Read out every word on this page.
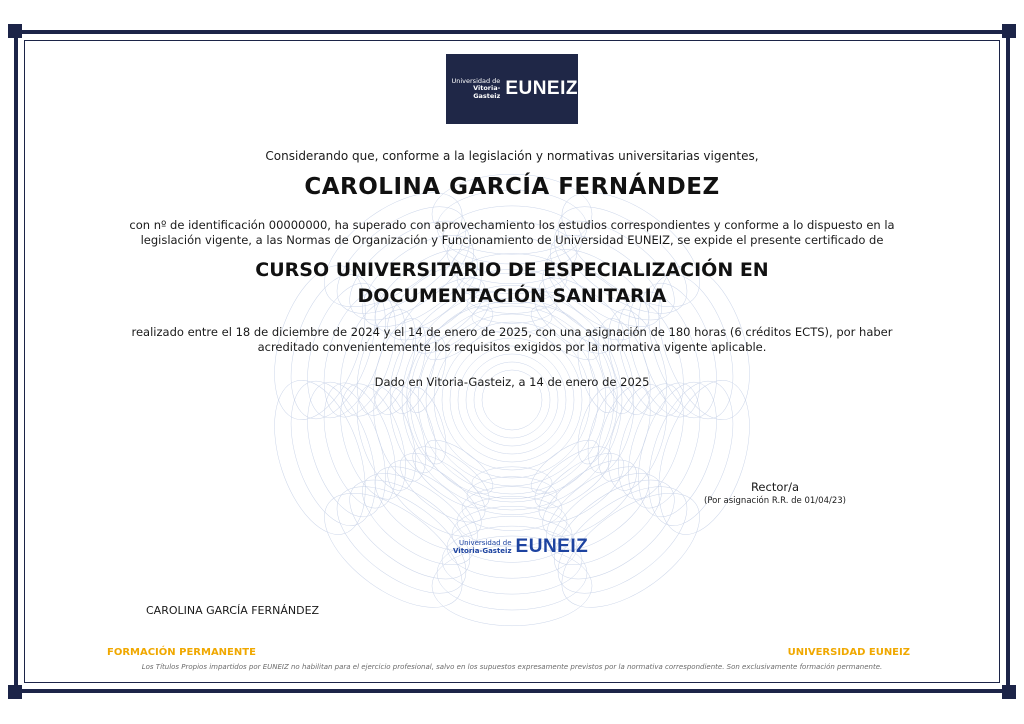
Universidad de
Vitoria-Gasteiz EUNEIZ
Considerando que, conforme a la legislación y normativas universitarias vigentes,
CAROLINA GARCÍA FERNÁNDEZ
con nº de identificación 00000000, ha superado con aprovechamiento los estudios correspondientes y conforme a lo dispuesto en la legislación vigente, a las Normas de Organización y Funcionamiento de Universidad EUNEIZ, se expide el presente certificado de
CURSO UNIVERSITARIO DE ESPECIALIZACIÓN EN
DOCUMENTACIÓN SANITARIA
realizado entre el 18 de diciembre de 2024 y el 14 de enero de 2025, con una asignación de 180 horas (6 créditos ECTS), por haber acreditado convenientemente los requisitos exigidos por la normativa vigente aplicable.
Dado en Vitoria-Gasteiz, a 14 de enero de 2025
Rector/a
(Por asignación R.R. de 01/04/23)
Universidad de
Vitoria-Gasteiz EUNEIZ
CAROLINA GARCÍA FERNÁNDEZ
FORMACIÓN PERMANENTE	UNIVERSIDAD EUNEIZ
Los Títulos Propios impartidos por EUNEIZ no habilitan para el ejercicio profesional, salvo en los supuestos expresamente previstos por la normativa correspondiente. Son exclusivamente formación permanente.
